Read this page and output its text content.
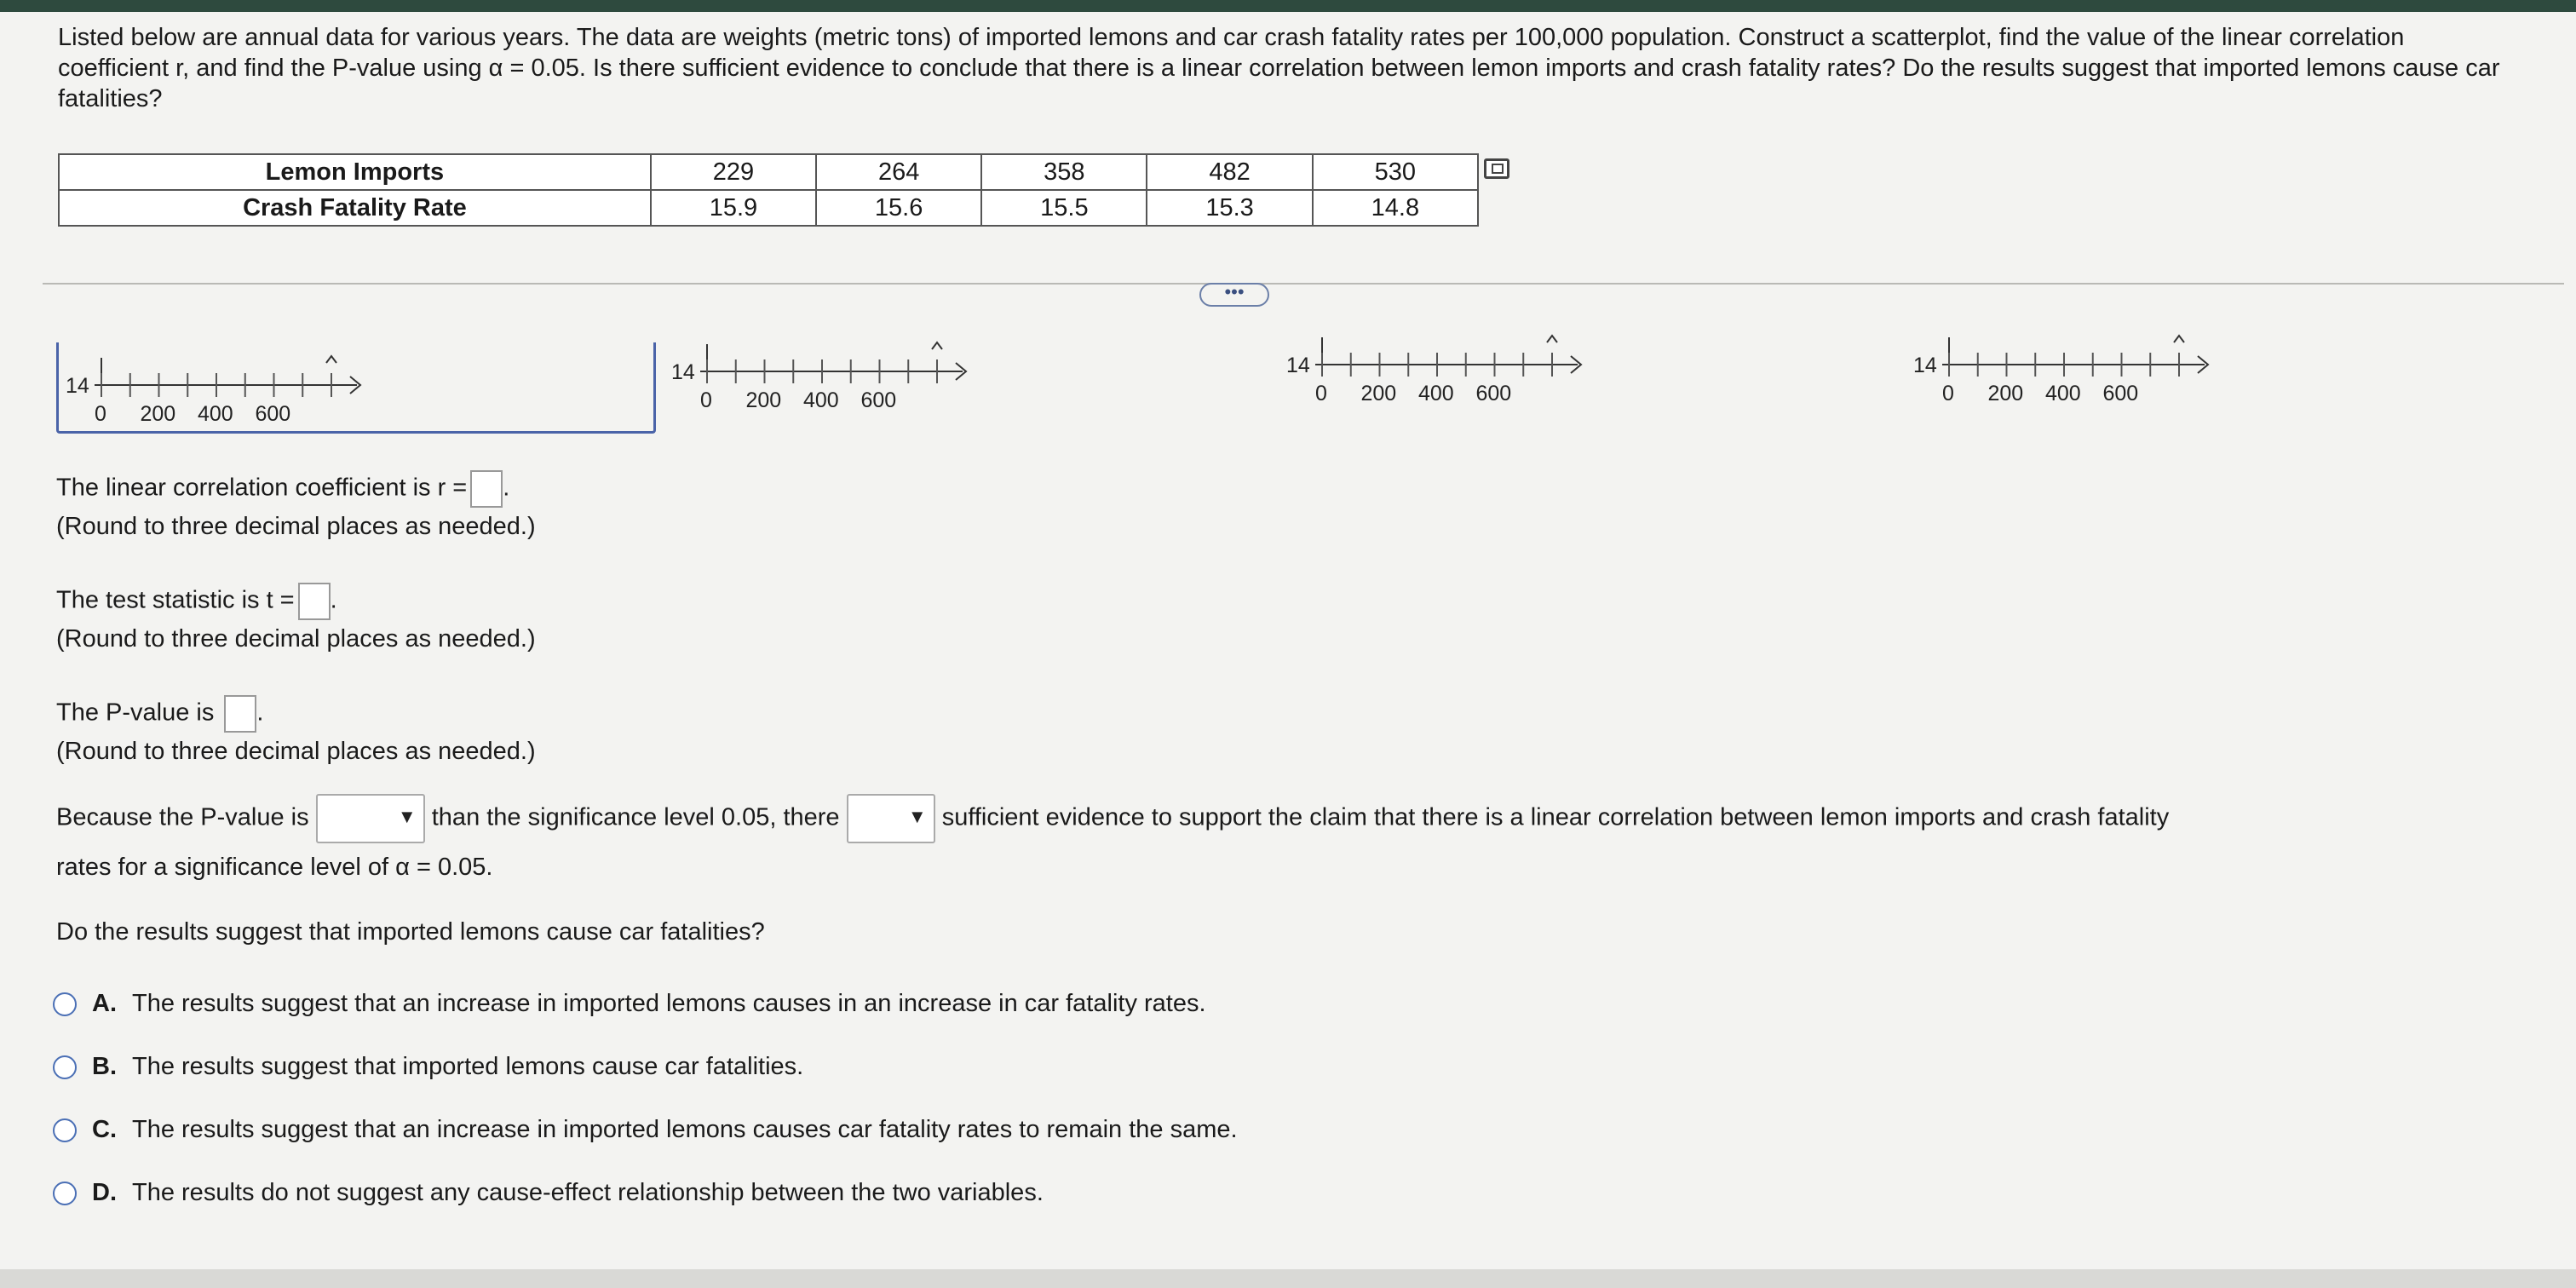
Listed below are annual data for various years. The data are weights (metric tons) of imported lemons and car crash fatality rates per 100,000 population. Construct a scatterplot, find the value of the linear correlation coefficient r, and find the P-value using α = 0.05. Is there sufficient evidence to conclude that there is a linear correlation between lemon imports and crash fatality rates? Do the results suggest that imported lemons cause car fatalities?
Lemon Imports	229	264	358	482	530
Crash Fatality Rate	15.9	15.6	15.5	15.3	14.8
•••
14
0 200 400 600
14
0 200 400 600
14
0 200 400 600
14
0 200 400 600
The linear correlation coefficient is r = .
(Round to three decimal places as needed.)
The test statistic is t = .
(Round to three decimal places as needed.)
The P-value is .
(Round to three decimal places as needed.)
Because the P-value is	▼ than the significance level 0.05, there	▼ sufficient evidence to support the claim that there is a linear correlation between lemon imports and crash fatality
rates for a significance level of α = 0.05.
Do the results suggest that imported lemons cause car fatalities?
A. The results suggest that an increase in imported lemons causes in an increase in car fatality rates.
B. The results suggest that imported lemons cause car fatalities.
C. The results suggest that an increase in imported lemons causes car fatality rates to remain the same.
D. The results do not suggest any cause-effect relationship between the two variables.
